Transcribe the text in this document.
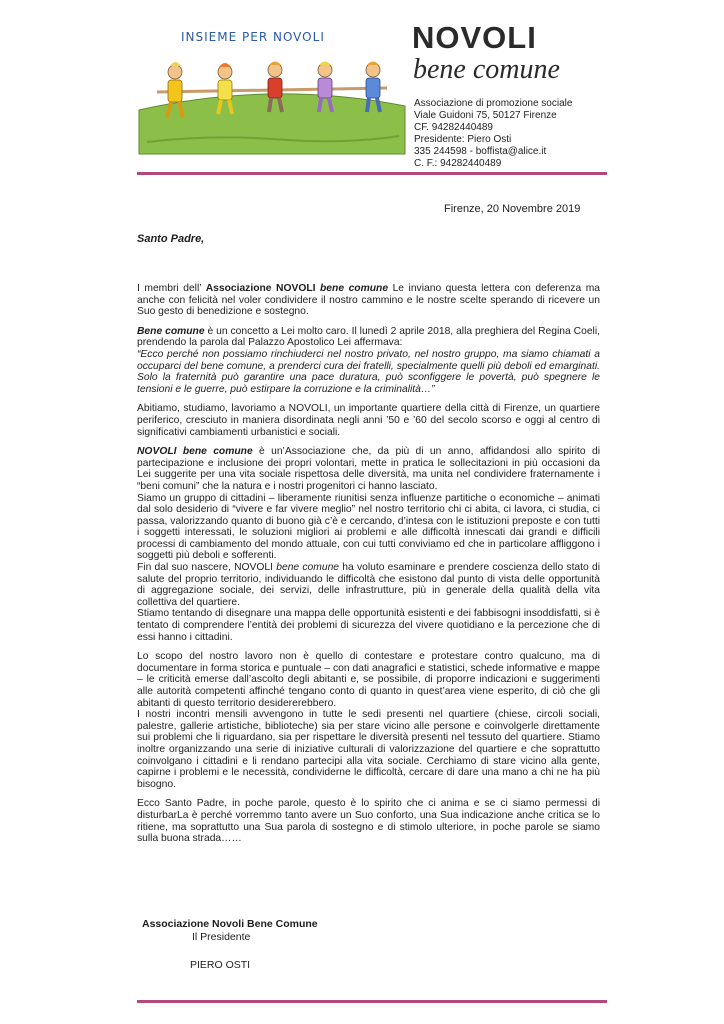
INSIEME PER NOVOLI	NOVOLI
bene comune
Associazione di promozione sociale
Viale Guidoni 75, 50127 Firenze
CF. 94282440489
Presidente: Piero Osti
335 244598 - boffista@alice.it
C. F.: 94282440489
Firenze, 20 Novembre 2019
Santo Padre,

I membri dell’ Associazione NOVOLI bene comune Le inviano questa lettera con deferenza ma anche con felicità nel voler condividere il nostro cammino e le nostre scelte sperando di ricevere un Suo gesto di benedizione e sostegno.

Bene comune è un concetto a Lei molto caro. Il lunedì 2 aprile 2018, alla preghiera del Regina Coeli, prendendo la parola dal Palazzo Apostolico Lei affermava:
“Ecco perché non possiamo rinchiuderci nel nostro privato, nel nostro gruppo, ma siamo chiamati a occuparci del bene comune, a prenderci cura dei fratelli, specialmente quelli più deboli ed emarginati. Solo la fraternità può garantire una pace duratura, può sconfiggere le povertà, può spegnere le tensioni e le guerre, può estirpare la corruzione e la criminalità…”

Abitiamo, studiamo, lavoriamo a NOVOLI, un importante quartiere della città di Firenze, un quartiere periferico, cresciuto in maniera disordinata negli anni ’50 e ’60 del secolo scorso e oggi al centro di significativi cambiamenti urbanistici e sociali.

NOVOLI bene comune è un’Associazione che, da più di un anno, affidandosi allo spirito di partecipazione e inclusione dei propri volontari, mette in pratica le sollecitazioni in più occasioni da Lei suggerite per una vita sociale rispettosa delle diversità, ma unita nel condividere fraternamente i “beni comuni” che la natura e i nostri progenitori ci hanno lasciato.

Siamo un gruppo di cittadini – liberamente riunitisi senza influenze partitiche o economiche – animati dal solo desiderio di “vivere e far vivere meglio” nel nostro territorio chi ci abita, ci lavora, ci studia, ci passa, valorizzando quanto di buono già c’è e cercando, d’intesa con le istituzioni preposte e con tutti i soggetti interessati, le soluzioni migliori ai problemi e alle difficoltà innescati dai grandi e difficili processi di cambiamento del mondo attuale, con cui tutti conviviamo ed che in particolare affliggono i soggetti più deboli e sofferenti.

Fin dal suo nascere, NOVOLI bene comune ha voluto esaminare e prendere coscienza dello stato di salute del proprio territorio, individuando le difficoltà che esistono dal punto di vista delle opportunità di aggregazione sociale, dei servizi, delle infrastrutture, più in generale della qualità della vita collettiva del quartiere.

Stiamo tentando di disegnare una mappa delle opportunità esistenti e dei fabbisogni insoddisfatti, si è tentato di comprendere l’entità dei problemi di sicurezza del vivere quotidiano e la percezione che di essi hanno i cittadini.

Lo scopo del nostro lavoro non è quello di contestare e protestare contro qualcuno, ma di documentare in forma storica e puntuale – con dati anagrafici e statistici, schede informative e mappe – le criticità emerse dall’ascolto degli abitanti e, se possibile, di proporre indicazioni e suggerimenti alle autorità competenti affinché tengano conto di quanto in quest’area viene esperito, di ciò che gli abitanti di questo territorio desidererebbero.

I nostri incontri mensili avvengono in tutte le sedi presenti nel quartiere (chiese, circoli sociali, palestre, gallerie artistiche, biblioteche) sia per stare vicino alle persone e coinvolgerle direttamente sui problemi che li riguardano, sia per rispettare le diversità presenti nel tessuto del quartiere. Stiamo inoltre organizzando una serie di iniziative culturali di valorizzazione del quartiere e che soprattutto coinvolgano i cittadini e li rendano partecipi alla vita sociale. Cerchiamo di stare vicino alla gente, capirne i problemi e le necessità, condividerne le difficoltà, cercare di dare una mano a chi ne ha più bisogno.

Ecco Santo Padre, in poche parole, questo è lo spirito che ci anima e se ci siamo permessi di disturbarLa è perché vorremmo tanto avere un Suo conforto, una Sua indicazione anche critica se lo ritiene, ma soprattutto una Sua parola di sostegno e di stimolo ulteriore, in poche parole se siamo sulla buona strada……

Associazione Novoli Bene Comune
Il Presidente
PIERO OSTI
